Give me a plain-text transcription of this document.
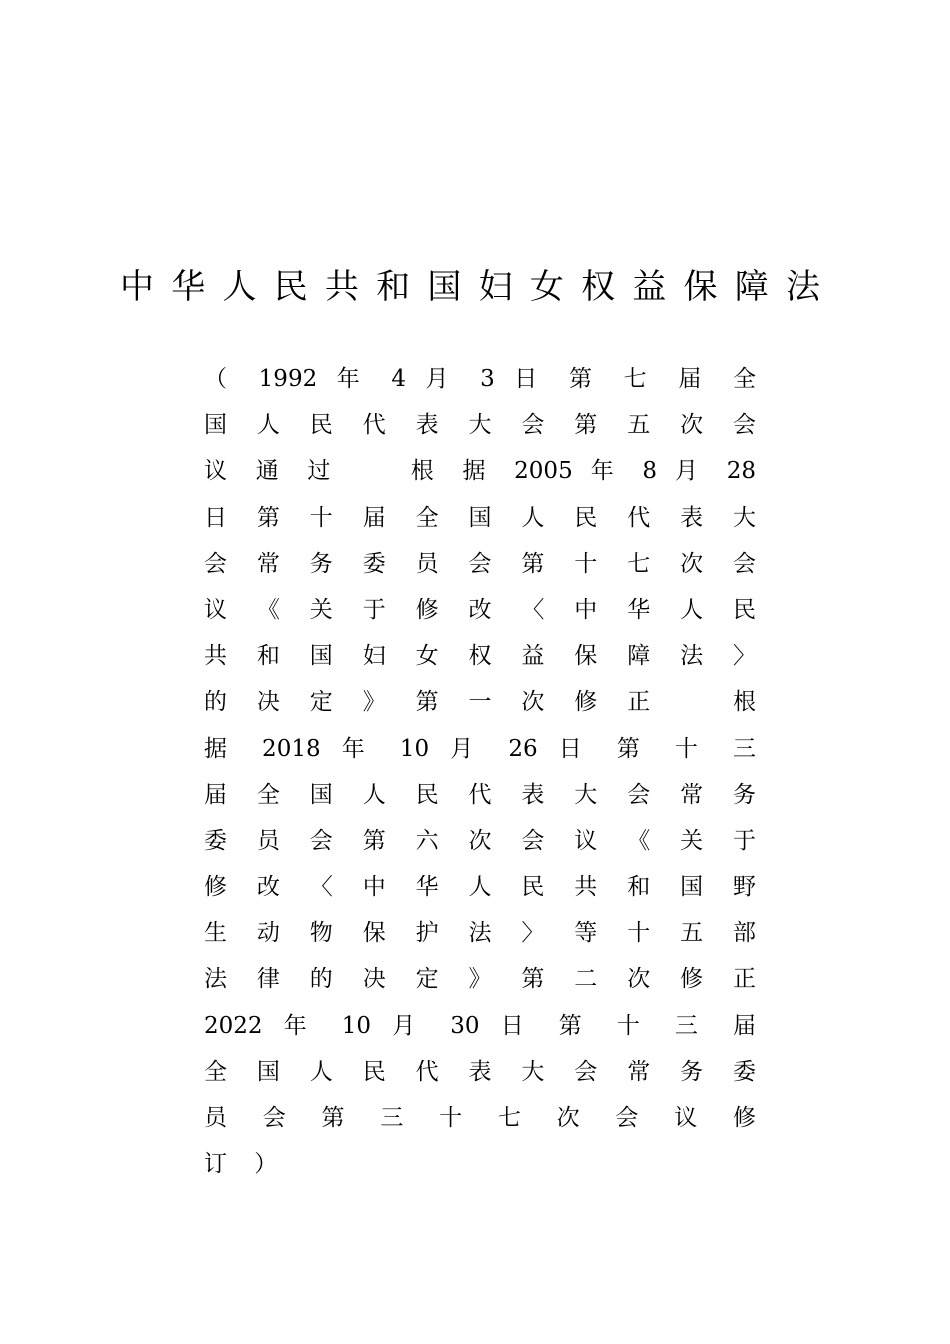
中 华 人 民 共 和 国 妇 女 权 益 保 障 法
（ 1992 年 4 月 3 日 第 七 届 全
国 人 民 代 表 大 会 第 五 次 会
议 通 过 　 根 据 2005 年 8 月 28
日 第 十 届 全 国 人 民 代 表 大
会 常 务 委 员 会 第 十 七 次 会
议 《 关 于 修 改 〈 中 华 人 民
共 和 国 妇 女 权 益 保 障 法 〉
的 决 定 》 第 一 次 修 正 　 根
据 2018 年 10 月 26 日 第 十 三
届 全 国 人 民 代 表 大 会 常 务
委 员 会 第 六 次 会 议 《 关 于
修 改 〈 中 华 人 民 共 和 国 野
生 动 物 保 护 法 〉 等 十 五 部
法 律 的 决 定 》 第 二 次 修 正
2022 年 10 月 30 日 第 十 三 届
全 国 人 民 代 表 大 会 常 务 委
员 会 第 三 十 七 次 会 议 修
订 ）
